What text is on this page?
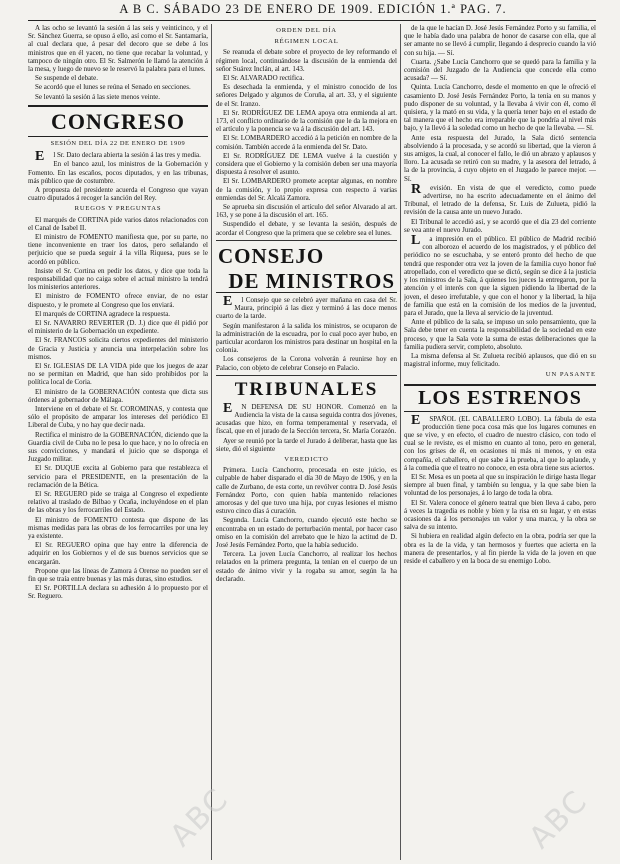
A B C. SÁBADO 23 DE ENERO DE 1909. EDICIÓN 1.ª PAG. 7.

A las ocho se levantó la sesión á las seis y veinticinco, y el Sr. Sánchez Guerra, se opuso á ello, así como el Sr. Santamaría, al cual declara que, á pesar del decoro que se debe á los ministros que en él yacen, no tiene que recabar la voluntad, y tampoco de ningún otro. El Sr. Salmerón le llamó la atención á la mesa, y luego de nuevo se le reservó la palabra para el lunes.

Se suspende el debate.

Se acordó que el lunes se reúna el Senado en secciones.

Se levantó la sesión á las siete menos veinte.

CONGRESO
SESIÓN DEL DÍA 22 DE ENERO DE 1909

El Sr. Dato declara abierta la sesión á las tres y media.

En el banco azul, los ministros de la Gobernación y Fomento. En las escaños, pocos diputados, y en las tribunas, más público que de costumbre.

A propuesta del presidente acuerda el Congreso que vayan cuatro diputados á recoger la sanción del Rey.

RUEGOS Y PREGUNTAS

El marqués de CORTINA pide varios datos relacionados con el Canal de Isabel II.

El ministro de FOMENTO manifiesta que, por su parte, no tiene inconveniente en traer los datos, pero señalando el perjuicio que se pueda seguir á la villa Riquesa, pues se le acordó en público.

Insiste el Sr. Cortina en pedir los datos, y dice que toda la responsabilidad que no caiga sobre el actual ministro la tendrá los ministerios anteriores.

El ministro de FOMENTO ofrece enviar, de no estar dispuesto, y le promete al Congreso que los enviará.

El marqués de CORTINA agradece la respuesta.

El Sr. NAVARRO REVERTER (D. J.) dice que él pidió por el ministerio de la Gobernación un expediente.

El Sr. FRANCOS solicita ciertos expedientes del ministerio de Gracia y Justicia y anuncia una interpelación sobre los mismos.

El Sr. IGLESIAS DE LA VIDA pide que los juegos de azar no se permitan en Madrid, que han sido prohibidos por la política local de Coria.

El ministro de la GOBERNACIÓN contesta que dicta sus órdenes al gobernador de Málaga.

Interviene en el debate el Sr. COROMINAS, y contesta que sólo el propósito de amparar los intereses del periódico El Liberal de Cuba, y no hay que decir nada.

Rectifica el ministro de la GOBERNACIÓN, diciendo que la Guardia civil de Cuba no le pesa lo que hace, y no lo ofrecía en sus convicciones, y mandará el juicio que se disponga el Juzgado militar.

El Sr. DUQUE excita al Gobierno para que restablezca el servicio para el PRESIDENTE, en la presentación de la reclamación de la Bética.

El Sr. REGUERO pide se traiga al Congreso el expediente relativo al traslado de Bilbao y Ocaña, incluyéndose en el plan de las obras y los ferrocarriles del Estado.

El ministro de FOMENTO contesta que dispone de las mismas medidas para las obras de los ferrocarriles por una ley ya existente.

El Sr. REGUERO opina que hay entre la diferencia de adquirir en los Gobiernos y el de sus buenos servicios que se encargarán.

Propone que las líneas de Zamora á Orense no pueden ser el fin que se traía entre buenas y las más duras, sino estudios.

El Sr. PORTILLA declara su adhesión á lo propuesto por el Sr. Reguero.

ORDEN DEL DÍA
RÉGIMEN LOCAL

Se reanuda el debate sobre el proyecto de ley reformando el régimen local, continuándose la discusión de la enmienda del señor Suárez Inclán, al art. 143.

El Sr. ALVARADO rectifica.

Es desechada la enmienda, y el ministro conocido de los señores Delgado y algunos de Coruña, al art. 33, y el siguiente de el Sr. Iranzo.

El Sr. RODRÍGUEZ DE LEMA apoya otra enmienda al art. 173, el conflicto ordinario de la comisión que le da la mejora en el artículo y la ponencia se va á la discusión del art. 143.

El Sr. LOMBARDERO accedió á la petición en nombre de la comisión. También accede á la enmienda del Sr. Dato.

El Sr. RODRÍGUEZ DE LEMA vuelve á la cuestión y considera que el Gobierno y la comisión deben ser una mayoría dispuesta á resolver el asunto.

El Sr. LOMBARDERO promete aceptar algunas, en nombre de la comisión, y lo propio expresa con respecto á varias enmiendas del Sr. Alcalá Zamora.

Se aprueba sin discusión el artículo del señor Alvarado al art. 163, y se pone á la discusión el art. 165.

Suspendido el debate, y se levanta la sesión, después de acordar el Congreso que la primera que se celebre sea el lunes.

CONSEJO
DE MINISTROS

El Consejo que se celebró ayer mañana en casa del Sr. Maura, principió á las diez y terminó á las doce menos cuarto de la tarde.

Según manifestaron á la salida los ministros, se ocuparon de la administración de la escuadra, por lo cual poco ayer hubo, en particular acordaron los ministros para destinar un hospital en la colonia.

Los consejeros de la Corona volverán á reunirse hoy en Palacio, con objeto de celebrar Consejo en Palacio.

TRIBUNALES

EN DEFENSA DE SU HONOR. Comenzó en la Audiencia la vista de la causa seguida contra dos jóvenes, acusadas que hizo, en forma temperamental y reservada, el fiscal, que en el jurado de la Sección tercera, Sr. María Corazón.

Ayer se reunió por la tarde el Jurado á deliberar, hasta que las siete, dió el siguiente

VEREDICTO

Primera. Lucía Canchorro, procesada en este juicio, es culpable de haber disparado el día 30 de Mayo de 1906, y en la calle de Zurbano, de esta corte, un revólver contra D. José Jesús Fernández Porto, con quien había mantenido relaciones amorosas y del que tuvo una hija, por cuyas lesiones el mismo estuvo cinco días á curación.

Segunda. Lucía Canchorro, cuando ejecutó este hecho se encontraba en un estado de perturbación mental, por hacer caso omiso en la comisión del arrebato que le hizo la actitud de D. José Jesús Fernández Porto, que la había seducido.

Tercera. La joven Lucía Canchorro, al realizar los hechos relatados en la primera pregunta, la tenían en el cuerpo de un estado de ánimo vivir y la rogaba su amor, según la ha declarado.

de la que le hacían D. José Jesús Fernández Porto y su familia, el que le había dado una palabra de honor de casarse con ella, que al ser amante no se llevó á cumplir, llegando á desprecio cuando la vió con su hija. — Sí.

Cuarta. ¿Sabe Lucía Canchorro que se quedó para la familia y la comisión del Juzgado de la Audiencia que concede ella como acusada? — Sí.

Quinta. Lucía Canchorro, desde el momento en que le ofreció el casamiento D. José Jesús Fernández Porto, la tenía en su manos y pudo disponer de su voluntad, y la llevaba á vivir con él, como él quisiera, y la mató en su vida, y la quería tener bajo en el estado de tal manera que el hecho era irreparable que la pondría al nivel más bajo, y la llevó á la soledad como un hecho de que la llevaba. — Sí.

Ante esta respuesta del Jurado, la Sala dictó sentencia absolviendo á la procesada, y se acordó su libertad, que la vieron á sus amigos, la cual, al conocer el fallo, le dió un abrazo y aplausos y lloro. La acusada se retiró con su madre, y la asesora del letrado, á la de la provincia, á cuyo objeto en el Juzgado le parece mejor. — Sí.

Revisión. En vista de que el veredicto, como puede advertirse, no ha escrito adecuadamente en el ánimo del Tribunal, el letrado de la defensa, Sr. Luis de Zulueta, pidió la revisión de la causa ante un nuevo Jurado.

El Tribunal le accedió así, y se acordó que el día 23 del corriente se vea ante el nuevo Jurado.

La impresión en el público. El público de Madrid recibió con alborozo el acuerdo de los magistrados, y el público del periódico no se escuchaba, y se enteró pronto del hecho de que tendrá que responder otra vez la joven de la familia cuyo honor fué atropellado, con el veredicto que se dictó, según se dice á la justicia y los ministros de la Sala, á quienes los jueces la entregaron, por la atención y el interés con que la siguen pidiendo la libertad de la joven, el deseo irrefutable, y que con el honor y la libertad, la hija de familia que está en la comisión de los medios de la juventud, para el Jurado, que la lleva al servicio de la juventud.

Ante el público de la sala, se impuso un solo pensamiento, que la Sala debe tener en cuenta la responsabilidad de la sociedad en este proceso, y que la Sala vote la suma de estas deliberaciones que la familia pudiera servir, completo, absoluto.

La misma defensa al Sr. Zulueta recibió aplausos, que dió en su magistral informe, muy felicitado.

UN PASANTE
LOS ESTRENOS

ESPAÑOL (EL CABALLERO LOBO). La fábula de esta producción tiene poca cosa más que los lugares comunes en que se vive, y en efecto, el cuadro de nuestro clásico, con todo el cual se le reviste, es el mismo en cuanto al tono, pero en general, con los grises de él, en ocasiones ni más ni menos, y en esta compañía, el caballero, el que sabe á la prueba, al que lo aplaude, y á la comedia que el teatro no conoce, en esta obra tiene sus aciertos.

El Sr. Mesa es un poeta al que su inspiración le dirige hasta llegar siempre al buen final, y también su lengua, y la que sabe bien la voluntad de los personajes, á lo largo de toda la obra.

El Sr. Valera conoce el género teatral que bien lleva á cabo, pero á veces la tragedia es noble y bien y la risa en su lugar, y en estas ocasiones da á los personajes un valor y una marca, y la obra se salva de su intento.

Si hubiera en realidad algún defecto en la obra, podría ser que la obra es la de la vida, y tan hermosos y fuertes que acierta en la manera de presentarlos, y al fin pierde la vida de la joven en que reside el caballero y en la boca de su enemigo Lobo.

ABC	ABC
